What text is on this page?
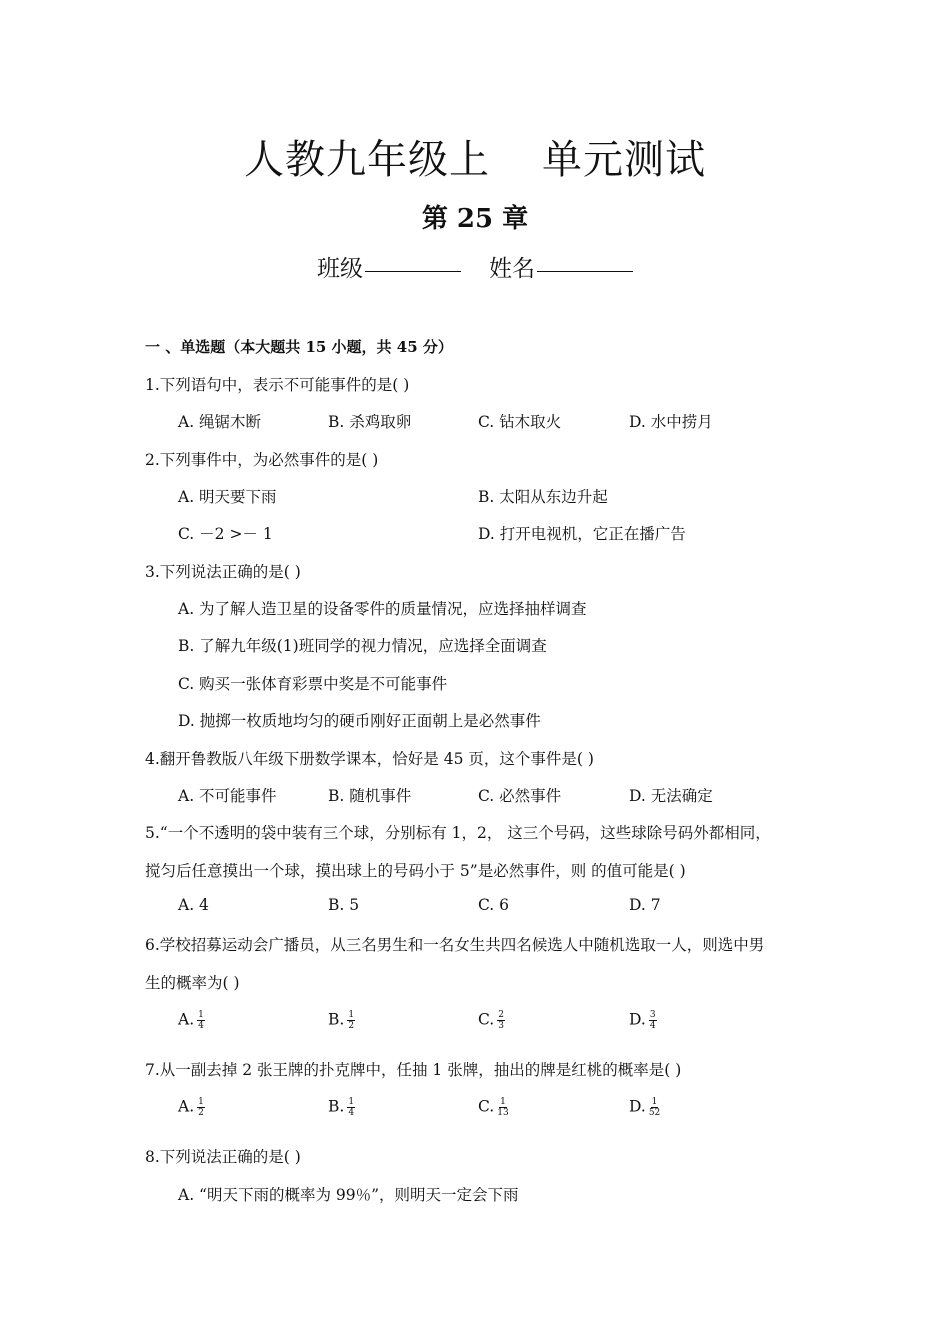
人教九年级上 单元测试
第 25 章
班级	姓名
一 、单选题（本大题共 15 小题，共 45 分）
1.下列语句中，表示不可能事件的是( )
A. 绳锯木断	B. 杀鸡取卵	C. 钻木取火	D. 水中捞月
2.下列事件中，为必然事件的是( )
A. 明天要下雨	B. 太阳从东边升起
C. －2 >－ 1	D. 打开电视机，它正在播广告
3.下列说法正确的是( )
A. 为了解人造卫星的设备零件的质量情况，应选择抽样调查
B. 了解九年级(1)班同学的视力情况，应选择全面调查
C. 购买一张体育彩票中奖是不可能事件
D. 抛掷一枚质地均匀的硬币刚好正面朝上是必然事件
4.翻开鲁教版八年级下册数学课本，恰好是 45 页，这个事件是( )
A. 不可能事件	B. 随机事件	C. 必然事件	D. 无法确定
5.“一个不透明的袋中装有三个球，分别标有 1，2， 这三个号码，这些球除号码外都相同，
搅匀后任意摸出一个球，摸出球上的号码小于 5”是必然事件，则 的值可能是( )
A. 4	B. 5	C. 6	D. 7
6.学校招募运动会广播员，从三名男生和一名女生共四名候选人中随机选取一人，则选中男
生的概率为( )
A. $\frac{1}{4}$	B. $\frac{1}{2}$	C. $\frac{2}{3}$	D. $\frac{3}{4}$
7.从一副去掉 2 张王牌的扑克牌中，任抽 1 张牌，抽出的牌是红桃的概率是( )
A. $\frac{1}{2}$	B. $\frac{1}{4}$	C. $\frac{1}{13}$	D. $\frac{1}{52}$
8.下列说法正确的是( )
A. “明天下雨的概率为 99％”，则明天一定会下雨
